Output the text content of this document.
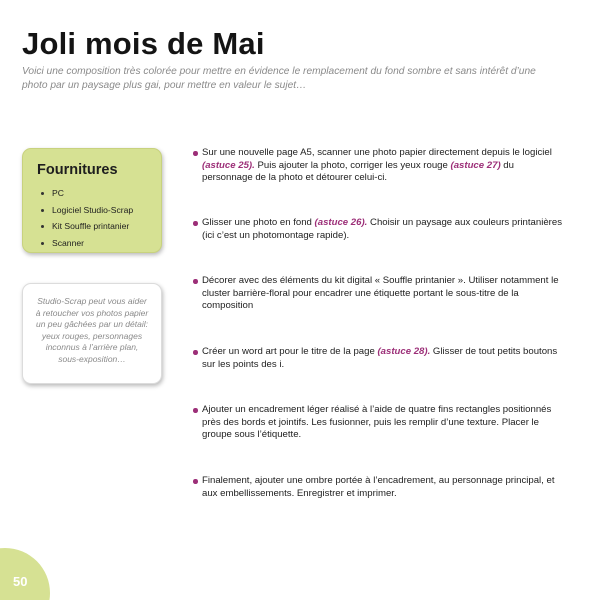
Joli mois de Mai

Voici une composition très colorée pour mettre en évidence le remplacement du fond sombre et sans intérêt d’une photo par un paysage plus gai, pour mettre en valeur le sujet…

Fournitures
PC
Logiciel Studio-Scrap
Kit Souffle printanier
Scanner
Studio-Scrap peut vous aider à retoucher vos photos papier un peu gâchées par un détail: yeux rouges, personnages inconnus à l’arrière plan, sous-exposition…
Sur une nouvelle page A5, scanner une photo papier directement depuis le logiciel (astuce 25). Puis ajouter la photo, corriger les yeux rouge (astuce 27) du personnage de la photo et détourer celui-ci.
Glisser une photo en fond (astuce 26). Choisir un paysage aux couleurs printanières (ici c’est un photomontage rapide).
Décorer avec des éléments du kit digital « Souffle printanier ». Utiliser notamment le cluster barrière-floral pour encadrer une étiquette portant le sous-titre de la composition
Créer un word art pour le titre de la page (astuce 28). Glisser de tout petits boutons sur les points des i.
Ajouter un encadrement léger réalisé à l’aide de quatre fins rectangles positionnés près des bords et jointifs. Les fusionner, puis les remplir d’une texture. Placer le groupe sous l’étiquette.
Finalement, ajouter une ombre portée à l’encadrement, au personnage principal, et aux embellissements. Enregistrer et imprimer.
50
